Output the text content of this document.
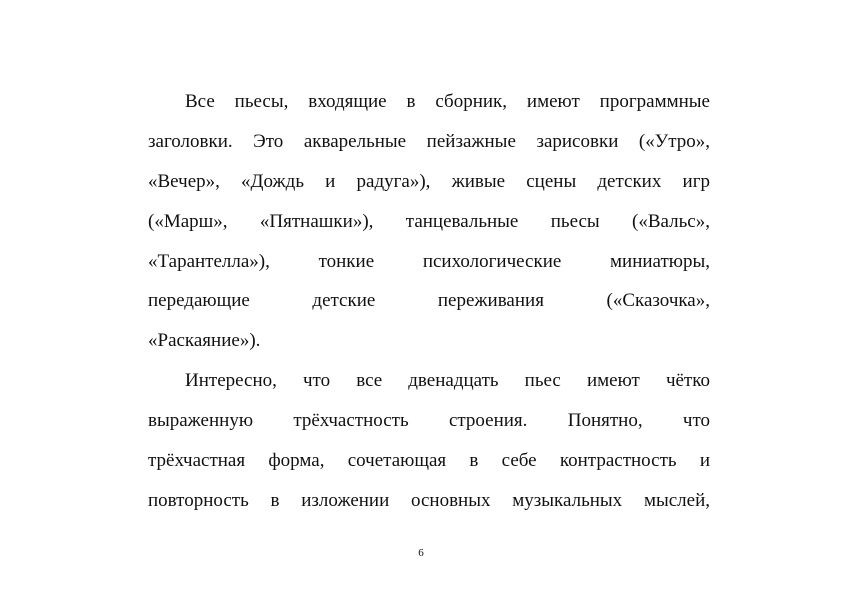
Все пьесы, входящие в сборник, имеют программные
заголовки. Это акварельные пейзажные зарисовки («Утро»,
«Вечер», «Дождь и радуга»), живые сцены детских игр
(«Марш», «Пятнашки»), танцевальные пьесы («Вальс»,
«Тарантелла»), тонкие психологические миниатюры,
передающие детские переживания («Сказочка»,
«Раскаяние»).
Интересно, что все двенадцать пьес имеют чётко
выраженную трёхчастность строения. Понятно, что
трёхчастная форма, сочетающая в себе контрастность и
повторность в изложении основных музыкальных мыслей,
6
